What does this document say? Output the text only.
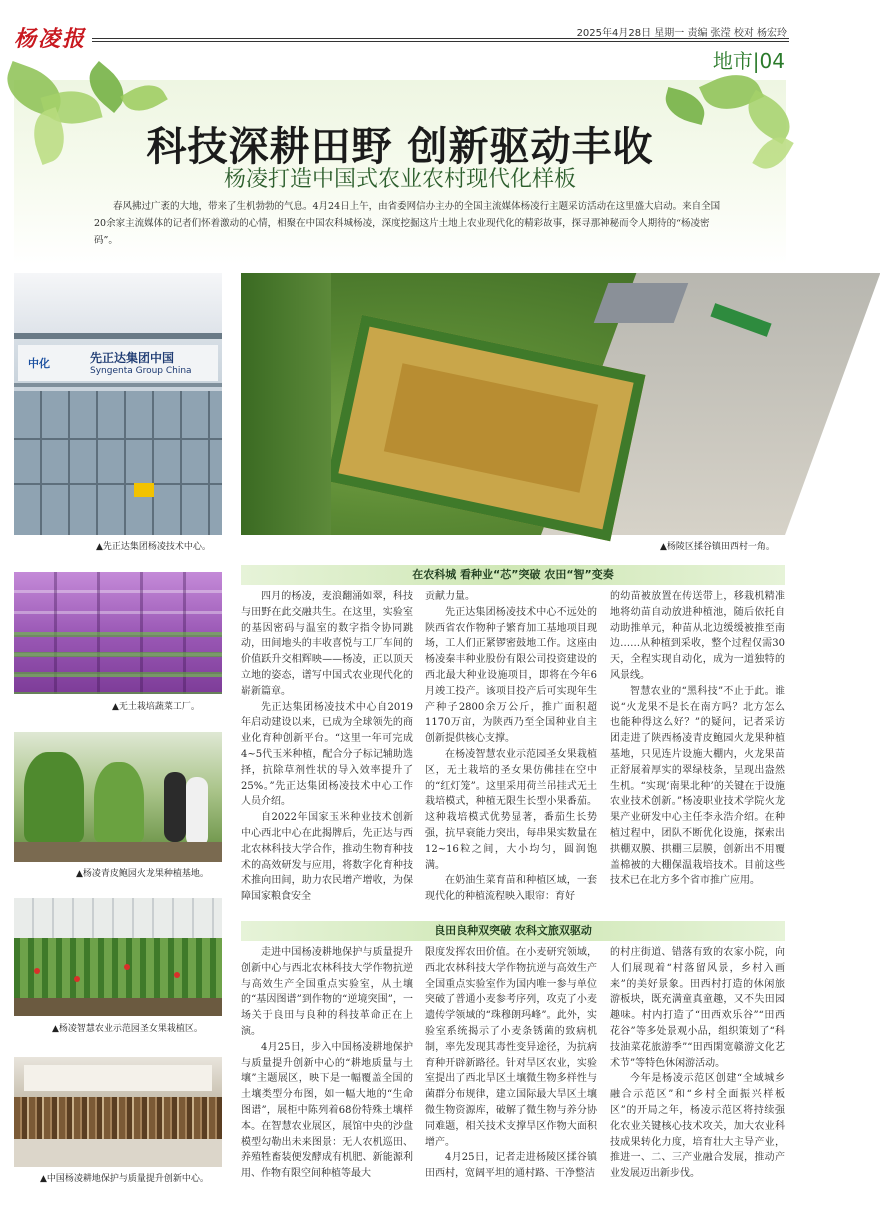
杨凌报	2025年4月28日 星期一 责编 张滢 校对 杨宏玲
地市|04
科技深耕田野 创新驱动丰收
杨凌打造中国式农业农村现代化样板
春风拂过广袤的大地，带来了生机勃勃的气息。4月24日上午，由省委网信办主办的全国主流媒体杨凌行主题采访活动在这里盛大启动。来自全国20余家主流媒体的记者们怀着激动的心情，相聚在中国农科城杨凌，深度挖掘这片土地上农业现代化的精彩故事，探寻那神秘而令人期待的“杨凌密码”。
中化	先正达集团中国
Syngenta Group China
▲先正达集团杨凌技术中心。	▲杨陵区揉谷镇田西村一角。
在农科城 看种业“芯”突破 农田“智”变奏
▲无土栽培蔬菜工厂。
▲杨凌青皮鲍园火龙果种植基地。

四月的杨凌，麦浪翻涌如翠，科技与田野在此交融共生。在这里，实验室的基因密码与温室的数字指令协同跳动，田间地头的丰收喜悦与工厂车间的价值跃升交相辉映——杨凌，正以顶天立地的姿态，谱写中国式农业现代化的崭新篇章。

先正达集团杨凌技术中心自2019年启动建设以来，已成为全球领先的商业化育种创新平台。“这里一年可完成4~5代玉米种植，配合分子标记辅助选择，抗除草剂性状的导入效率提升了25%。”先正达集团杨凌技术中心工作人员介绍。

自2022年国家玉米种业技术创新中心西北中心在此揭牌后，先正达与西北农林科技大学合作，推动生物育种技术的高效研发与应用，将数字化育种技术推向田间，助力农民增产增收，为保障国家粮食安全

贡献力量。

先正达集团杨凌技术中心不远处的陕西省农作物种子繁育加工基地项目现场，工人们正紧锣密鼓地工作。这座由杨凌秦丰种业股份有限公司投资建设的西北最大种业设施项目，即将在今年6月竣工投产。该项目投产后可实现年生产种子2800余万公斤，推广面积超1170万亩，为陕西乃至全国种业自主创新提供核心支撑。

在杨凌智慧农业示范园圣女果栽植区，无土栽培的圣女果仿佛挂在空中的“红灯笼”。这里采用荷兰吊挂式无土栽培模式，种植无限生长型小果番茄。这种栽培模式优势显著，番茄生长势强，抗早衰能力突出，每串果实数量在12~16粒之间，大小均匀，圆润饱满。

在奶油生菜育苗和种植区域，一套现代化的种植流程映入眼帘：育好

的幼苗被放置在传送带上，移栽机精准地将幼苗自动放进种植池，随后依托自动助推单元，种苗从北边缓缓被推至南边……从种植到采收，整个过程仅需30天，全程实现自动化，成为一道独特的风景线。

智慧农业的“黑科技”不止于此。谁说“火龙果不是长在南方吗？北方怎么也能种得这么好？”的疑问，记者采访团走进了陕西杨凌青皮鲍园火龙果种植基地，只见连片设施大棚内，火龙果苗正舒展着厚实的翠绿枝条，呈现出盎然生机。“实现‘南果北种’的关键在于设施农业技术创新。”杨凌职业技术学院火龙果产业研发中心主任李永浩介绍。在种植过程中，团队不断优化设施，探索出拱棚双膜、拱棚三层膜，创新出不用覆盖棉被的大棚保温栽培技术。目前这些技术已在北方多个省市推广应用。

良田良种双突破 农科文旅双驱动
▲杨凌智慧农业示范园圣女果栽植区。
▲中国杨凌耕地保护与质量提升创新中心。

走进中国杨凌耕地保护与质量提升创新中心与西北农林科技大学作物抗逆与高效生产全国重点实验室，从土壤的“基因图谱”到作物的“逆境突围”，一场关于良田与良种的科技革命正在上演。

4月25日，步入中国杨凌耕地保护与质量提升创新中心的“耕地质量与土壤”主题展区，映下是一幅覆盖全国的土壤类型分布图，如一幅大地的“生命图谱”，展柜中陈列着68份特殊土壤样本。在智慧农业展区，展馆中央的沙盘模型勾勒出未来图景：无人农机巡田、养殖牲畜装便发酵成有机肥、新能源利用、作物有限空间种植等最大

限度发挥农田价值。在小麦研究领域，西北农林科技大学作物抗逆与高效生产全国重点实验室作为国内唯一参与单位突破了普通小麦参考序列，攻克了小麦遗传学领域的“珠穆朗玛峰”。此外，实验室系统揭示了小麦条锈菌的致病机制，率先发现其毒性变异途径，为抗病育种开辟新路径。针对旱区农业，实验室提出了西北旱区土壤微生物多样性与菌群分布规律，建立国际最大旱区土壤微生物资源库，破解了微生物与养分协同难题，相关技术支撑旱区作物大面积增产。

4月25日，记者走进杨陵区揉谷镇田西村，宽阔平坦的通村路、干净整洁

的村庄街道、错落有致的农家小院，向人们展现着“村落留风景，乡村入画来”的美好景象。田西村打造的休闲旅游板块，既充满童真童趣，又不失田园趣味。村内打造了“田西欢乐谷”“田西花谷”等多处景观小品，组织策划了“科技油菜花旅游季”“田西閑宽赣游文化艺术节”等特色休闲游活动。

今年是杨凌示范区创建“全域城乡融合示范区”和“乡村全面振兴样板区”的开局之年，杨凌示范区将持续强化农业关键核心技术攻关，加大农业科技成果转化力度，培育壮大主导产业，推进一、二、三产业融合发展，推动产业发展迈出新步伐。
